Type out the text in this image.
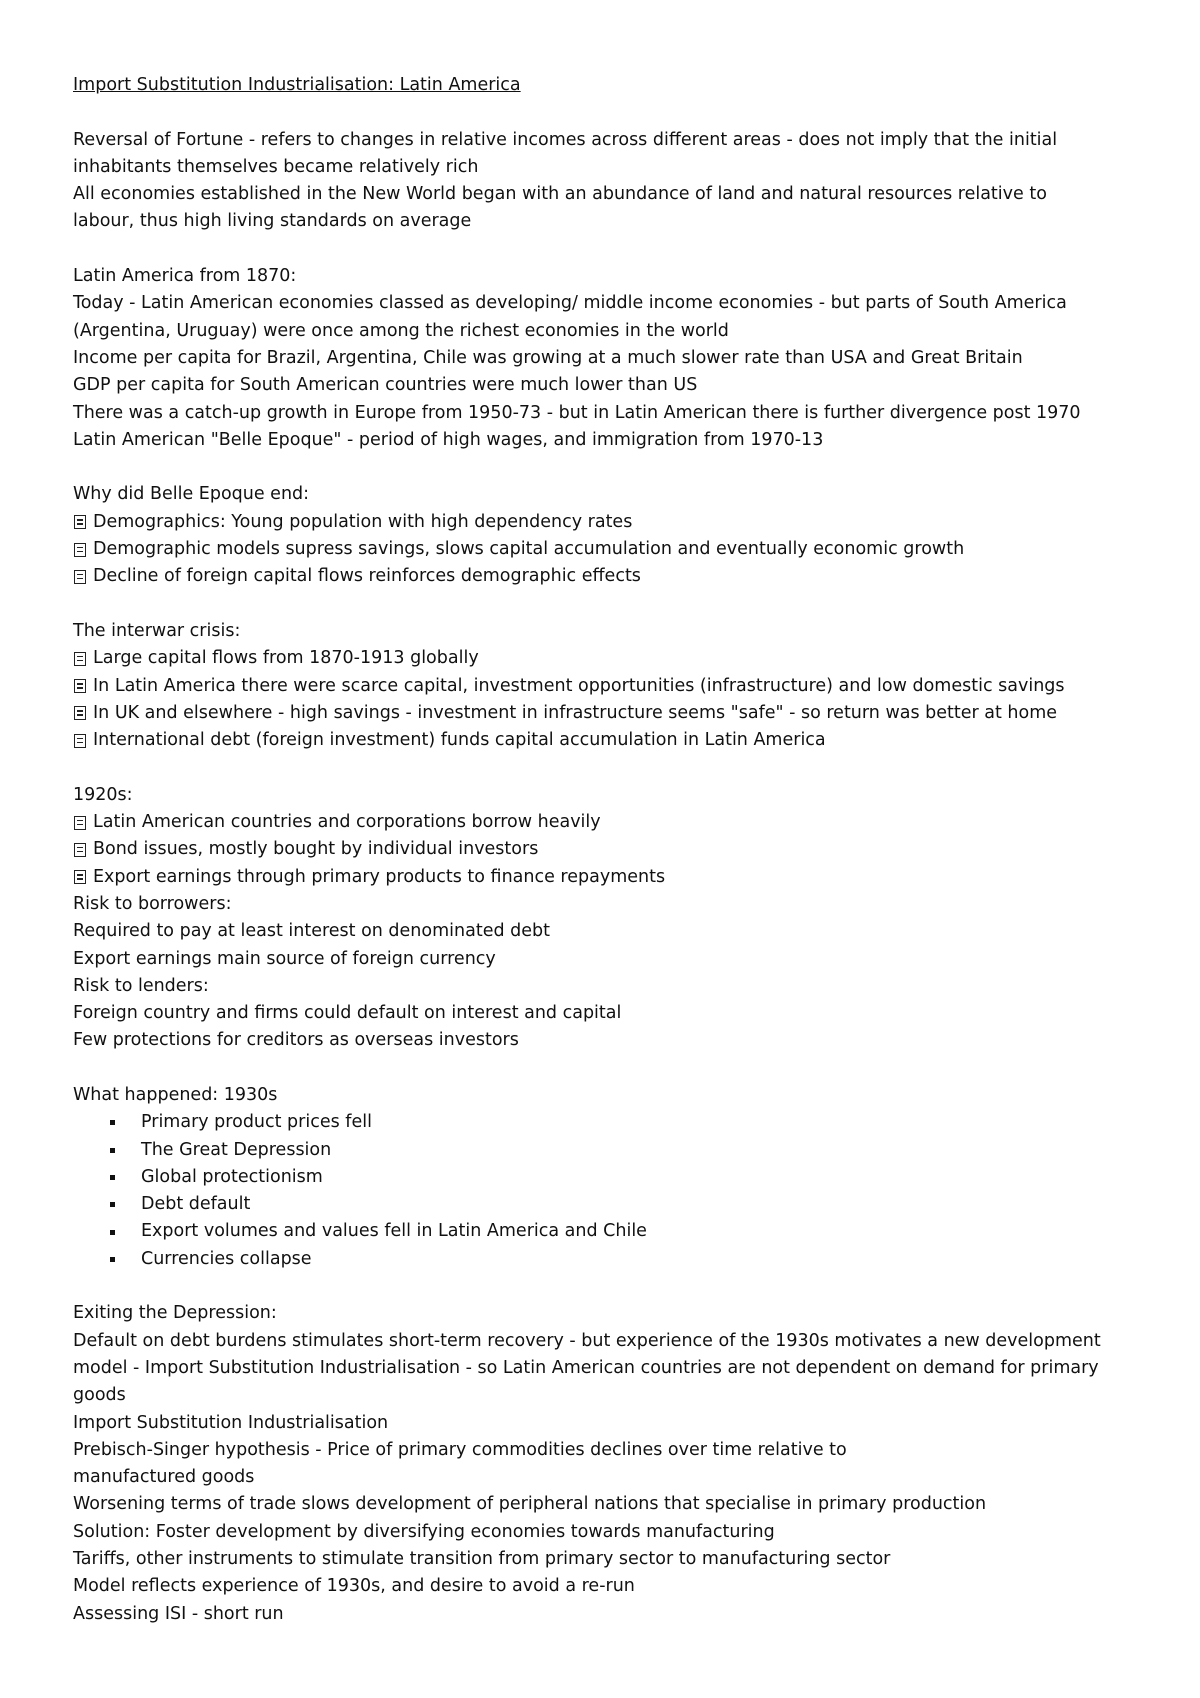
Import Substitution Industrialisation: Latin America
Reversal of Fortune - refers to changes in relative incomes across different areas - does not imply that the initial
inhabitants themselves became relatively rich
All economies established in the New World began with an abundance of land and natural resources relative to
labour, thus high living standards on average
Latin America from 1870:
Today - Latin American economies classed as developing/ middle income economies - but parts of South America
(Argentina, Uruguay) were once among the richest economies in the world
Income per capita for Brazil, Argentina, Chile was growing at a much slower rate than USA and Great Britain
GDP per capita for South American countries were much lower than US
There was a catch-up growth in Europe from 1950-73 - but in Latin American there is further divergence post 1970
Latin American "Belle Epoque" - period of high wages, and immigration from 1970-13
Why did Belle Epoque end:
Demographics: Young population with high dependency rates
Demographic models supress savings, slows capital accumulation and eventually economic growth
Decline of foreign capital flows reinforces demographic effects
The interwar crisis:
Large capital flows from 1870-1913 globally
In Latin America there were scarce capital, investment opportunities (infrastructure) and low domestic savings
In UK and elsewhere - high savings - investment in infrastructure seems "safe" - so return was better at home
International debt (foreign investment) funds capital accumulation in Latin America
1920s:
Latin American countries and corporations borrow heavily
Bond issues, mostly bought by individual investors
Export earnings through primary products to finance repayments
Risk to borrowers:
Required to pay at least interest on denominated debt
Export earnings main source of foreign currency
Risk to lenders:
Foreign country and firms could default on interest and capital
Few protections for creditors as overseas investors
What happened: 1930s
Primary product prices fell
The Great Depression
Global protectionism
Debt default
Export volumes and values fell in Latin America and Chile
Currencies collapse
Exiting the Depression:
Default on debt burdens stimulates short-term recovery - but experience of the 1930s motivates a new development
model - Import Substitution Industrialisation - so Latin American countries are not dependent on demand for primary
goods
Import Substitution Industrialisation
Prebisch-Singer hypothesis - Price of primary commodities declines over time relative to
manufactured goods
Worsening terms of trade slows development of peripheral nations that specialise in primary production
Solution: Foster development by diversifying economies towards manufacturing
Tariffs, other instruments to stimulate transition from primary sector to manufacturing sector
Model reflects experience of 1930s, and desire to avoid a re-run
Assessing ISI - short run
